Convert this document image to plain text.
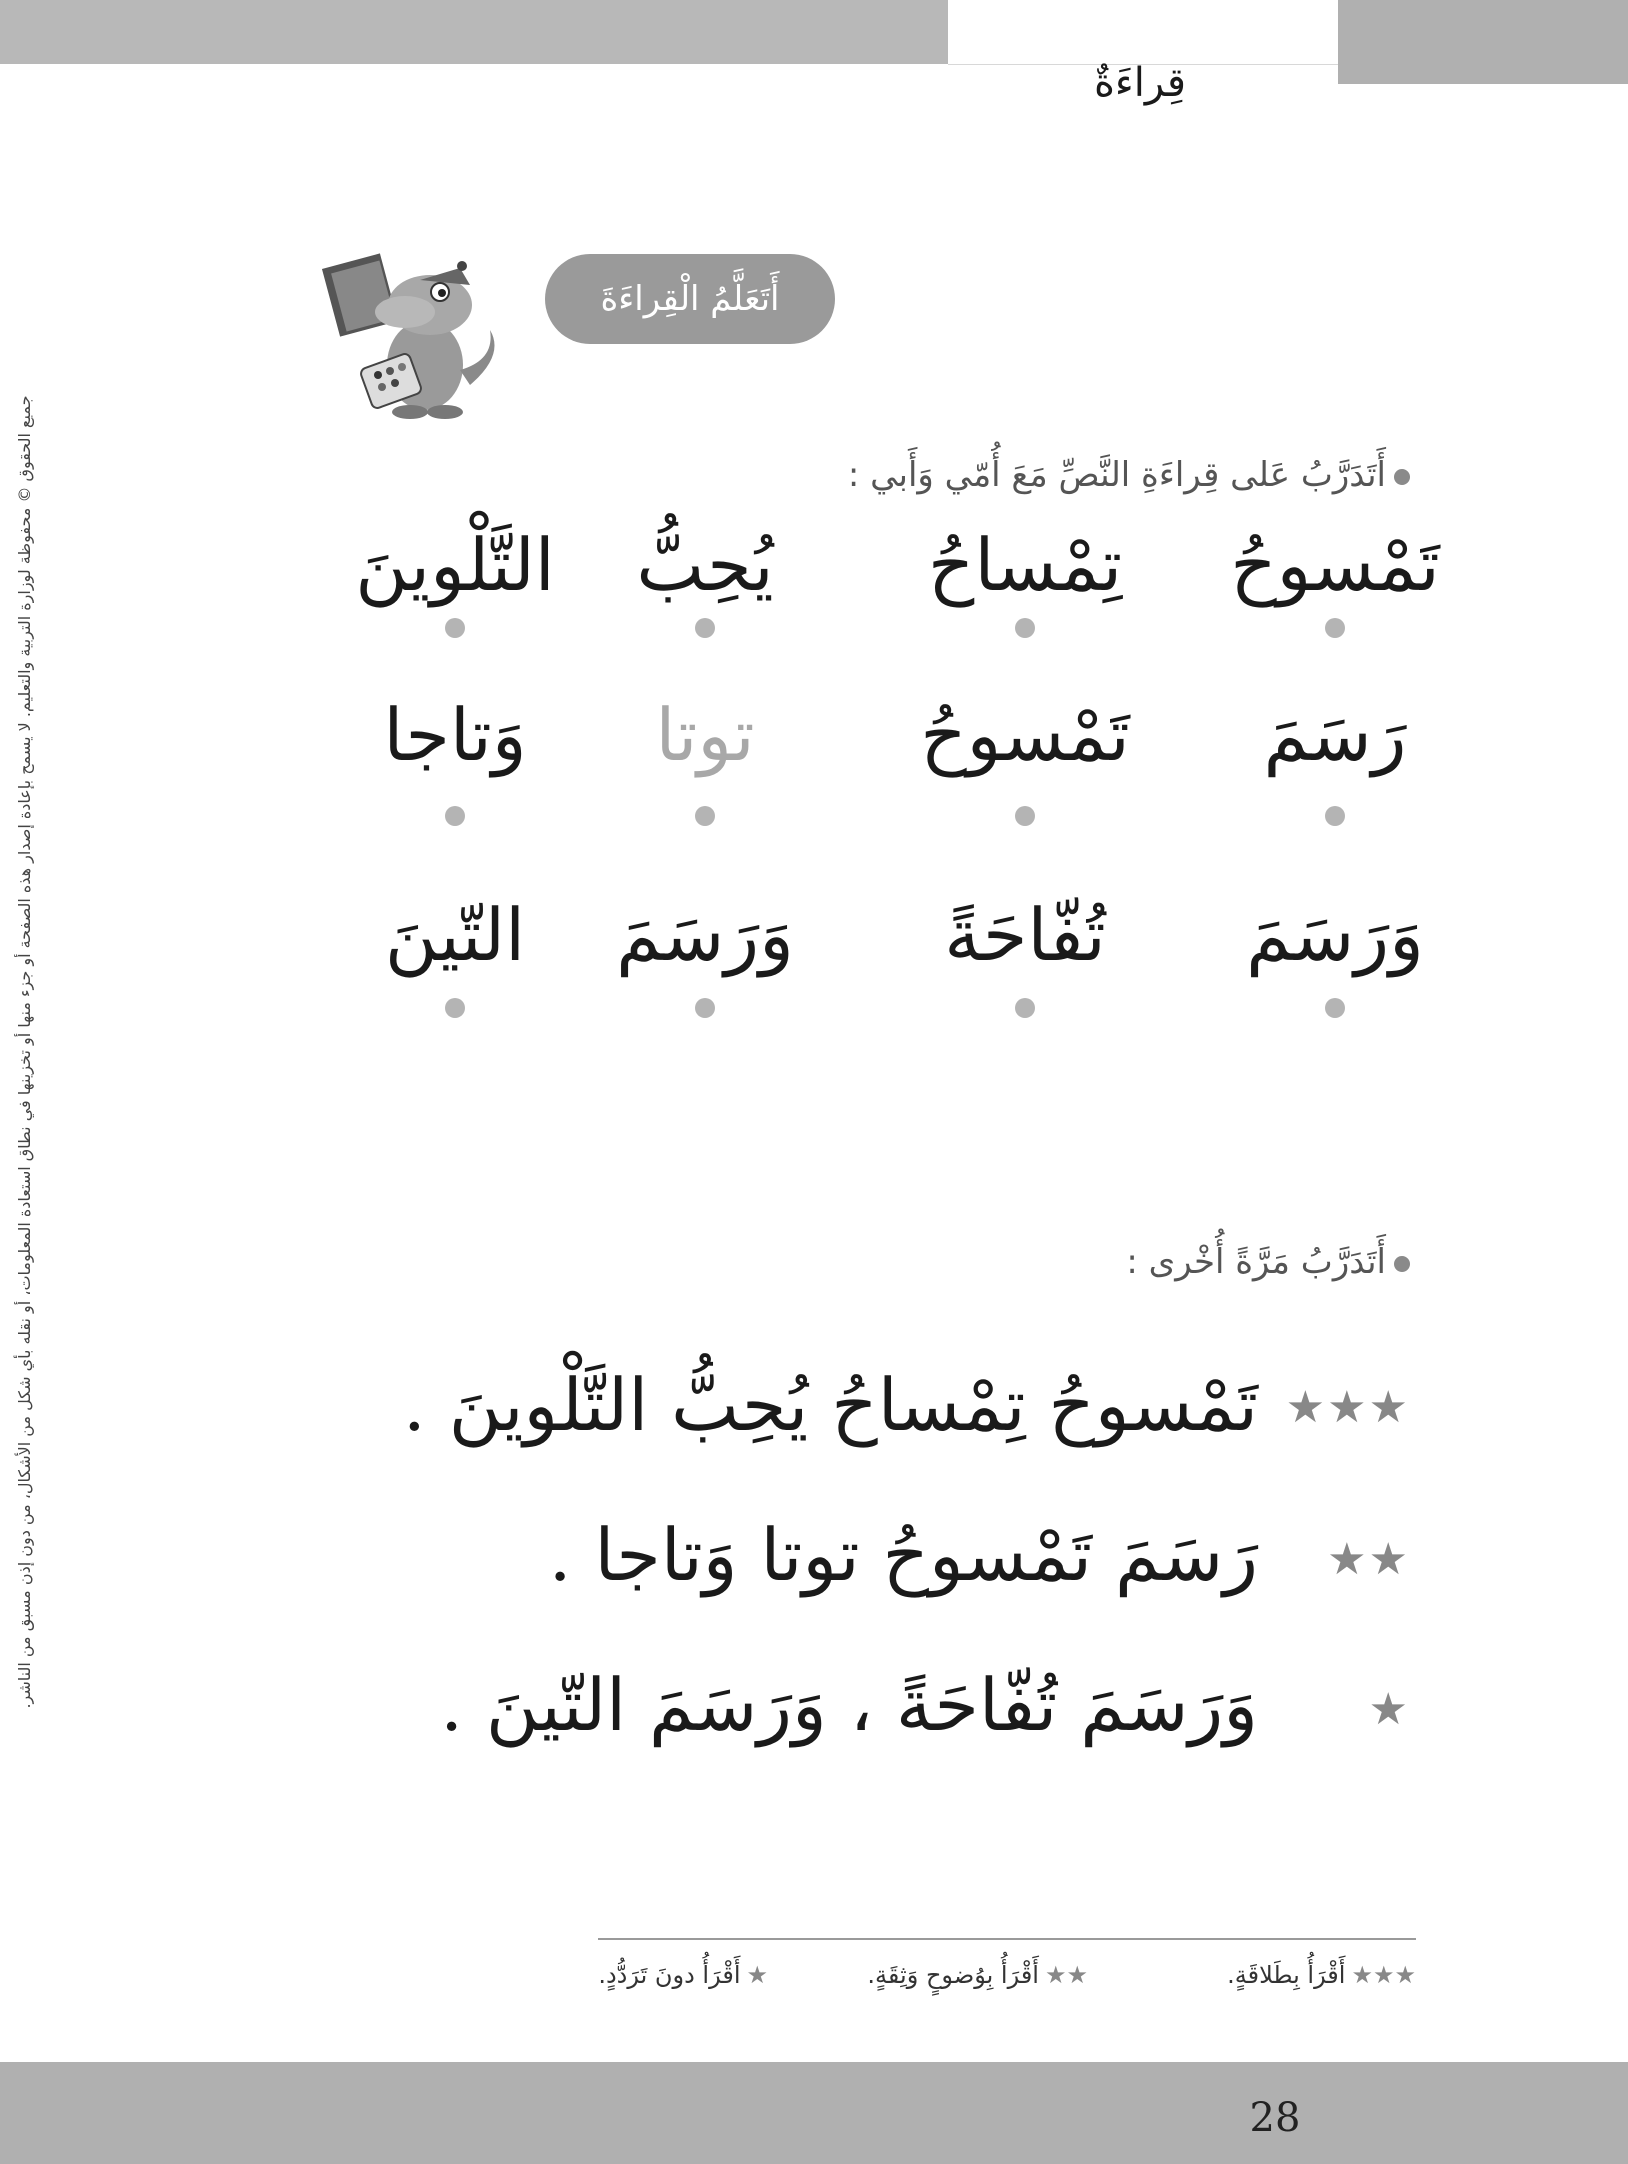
قِراءَةٌ
أَتَعَلَّمُ الْقِراءَةَ
أَتَدَرَّبُ عَلى قِراءَةِ النَّصِّ مَعَ أُمّي وَأَبي :
تَمْسوحُ
تِمْساحُ
يُحِبُّ
التَّلْوينَ
رَسَمَ
تَمْسوحُ
توتا
وَتاجا
وَرَسَمَ
تُفّاحَةً
وَرَسَمَ
التّينَ
أَتَدَرَّبُ مَرَّةً أُخْرى :
★★★
تَمْسوحُ تِمْساحُ يُحِبُّ التَّلْوينَ .
★★
رَسَمَ تَمْسوحُ توتا وَتاجا .
★
وَرَسَمَ تُفّاحَةً ، وَرَسَمَ التّينَ .
★★★أَقْرَأُ بِطَلاقَةٍ.
★★أَقْرَأُ بِوُضوحٍ وَثِقَةٍ.
★أَقْرَأُ دونَ تَرَدُّدٍ.
28
جميع الحقوق © محفوظة لوزارة التربية والتعليم. لا يسمح بإعادة إصدار هذه الصفحة أو جزء منها أو تخزينها في نطاق استعادة المعلومات، أو نقله بأي شكل من الأشكال، من دون إذن مسبق من الناشر.
